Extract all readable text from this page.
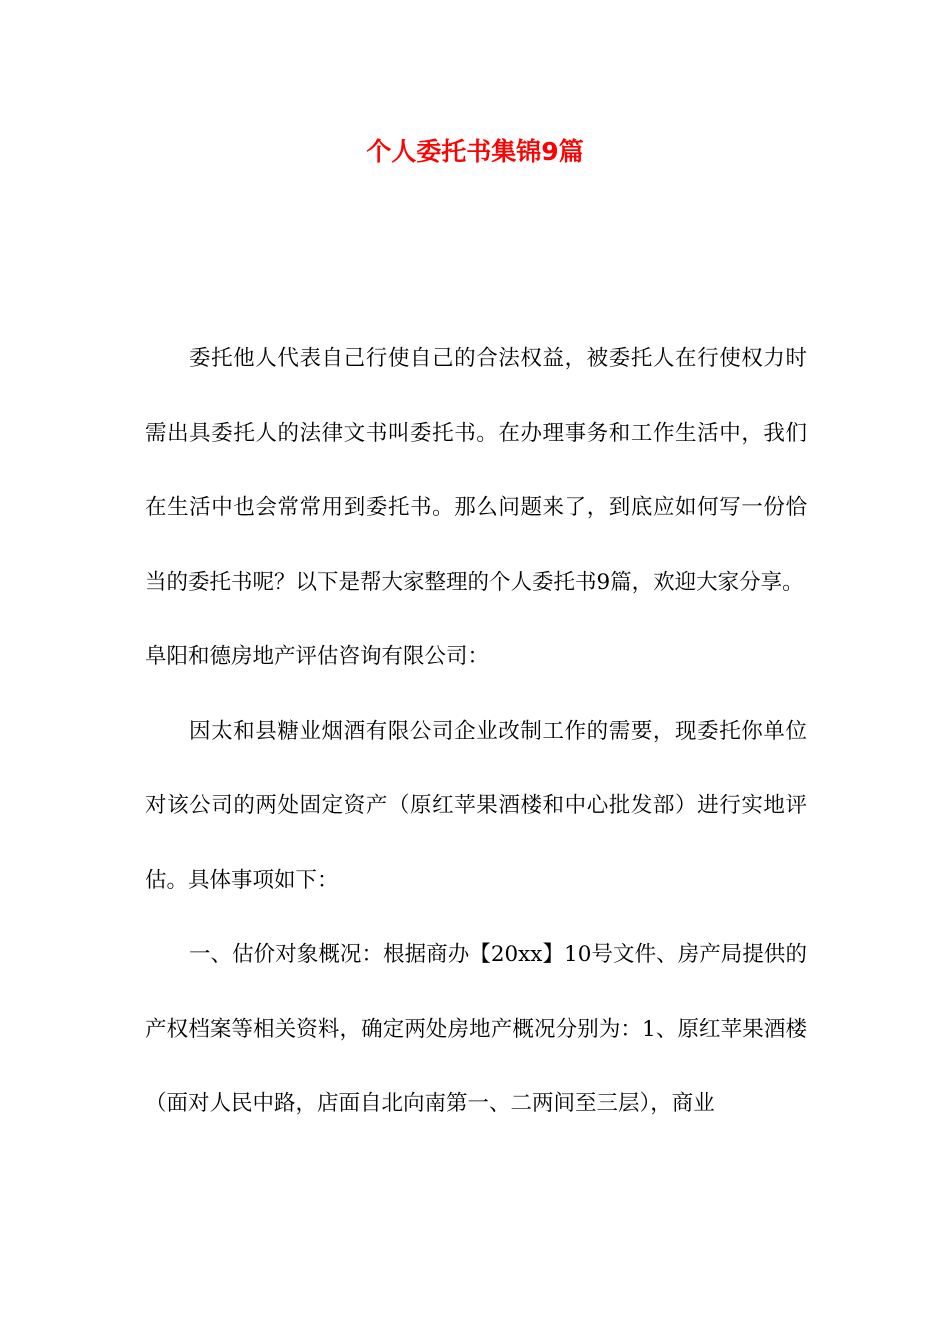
个人委托书集锦9篇

委托他人代表自己行使自己的合法权益，被委托人在行使权力时需出具委托人的法律文书叫委托书。在办理事务和工作生活中，我们在生活中也会常常用到委托书。那么问题来了，到底应如何写一份恰当的委托书呢？以下是帮大家整理的个人委托书9篇，欢迎大家分享。

阜阳和德房地产评估咨询有限公司：

因太和县糖业烟酒有限公司企业改制工作的需要，现委托你单位对该公司的两处固定资产（原红苹果酒楼和中心批发部）进行实地评估。具体事项如下：

一、估价对象概况：根据商办【20xx】10号文件、房产局提供的产权档案等相关资料，确定两处房地产概况分别为：1、原红苹果酒楼（面对人民中路，店面自北向南第一、二两间至三层），商业
